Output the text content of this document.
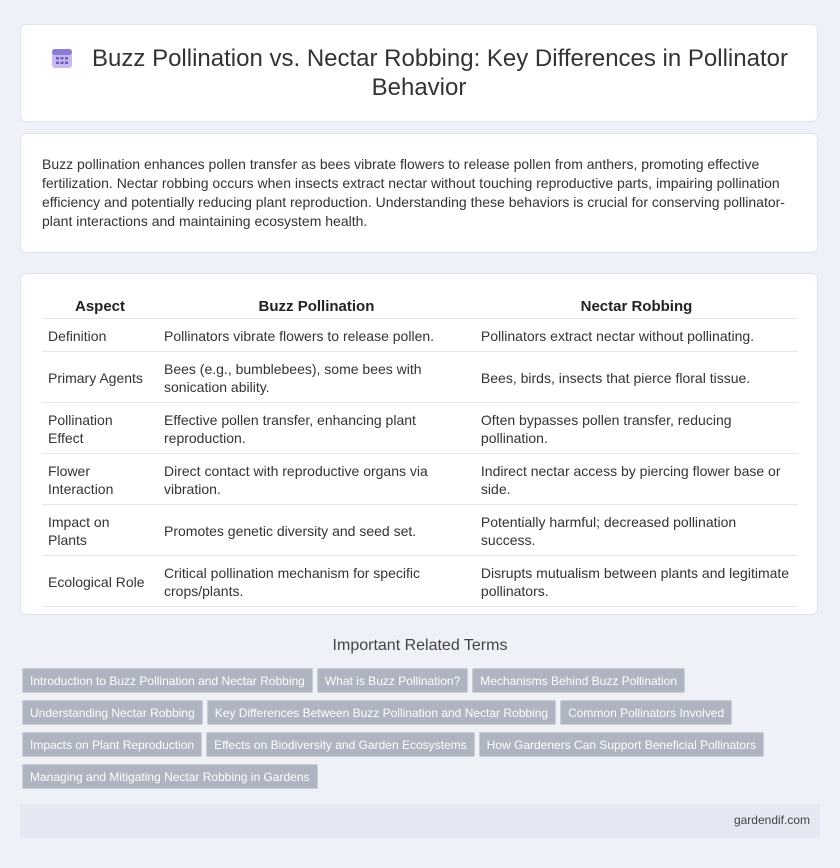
Buzz Pollination vs. Nectar Robbing: Key Differences in Pollinator Behavior

Buzz pollination enhances pollen transfer as bees vibrate flowers to release pollen from anthers, promoting effective fertilization. Nectar robbing occurs when insects extract nectar without touching reproductive parts, impairing pollination efficiency and potentially reducing plant reproduction. Understanding these behaviors is crucial for conserving pollinator-plant interactions and maintaining ecosystem health.

Aspect	Buzz Pollination	Nectar Robbing
Definition	Pollinators vibrate flowers to release pollen.	Pollinators extract nectar without pollinating.
Primary Agents	Bees (e.g., bumblebees), some bees with sonication ability.	Bees, birds, insects that pierce floral tissue.
Pollination Effect	Effective pollen transfer, enhancing plant reproduction.	Often bypasses pollen transfer, reducing pollination.
Flower Interaction	Direct contact with reproductive organs via vibration.	Indirect nectar access by piercing flower base or side.
Impact on Plants	Promotes genetic diversity and seed set.	Potentially harmful; decreased pollination success.
Ecological Role	Critical pollination mechanism for specific crops/plants.	Disrupts mutualism between plants and legitimate pollinators.
Important Related Terms
Introduction to Buzz Pollination and Nectar Robbing What is Buzz Pollination? Mechanisms Behind Buzz Pollination
Understanding Nectar Robbing Key Differences Between Buzz Pollination and Nectar Robbing Common Pollinators Involved
Impacts on Plant Reproduction Effects on Biodiversity and Garden Ecosystems How Gardeners Can Support Beneficial Pollinators
Managing and Mitigating Nectar Robbing in Gardens
gardendif.com
